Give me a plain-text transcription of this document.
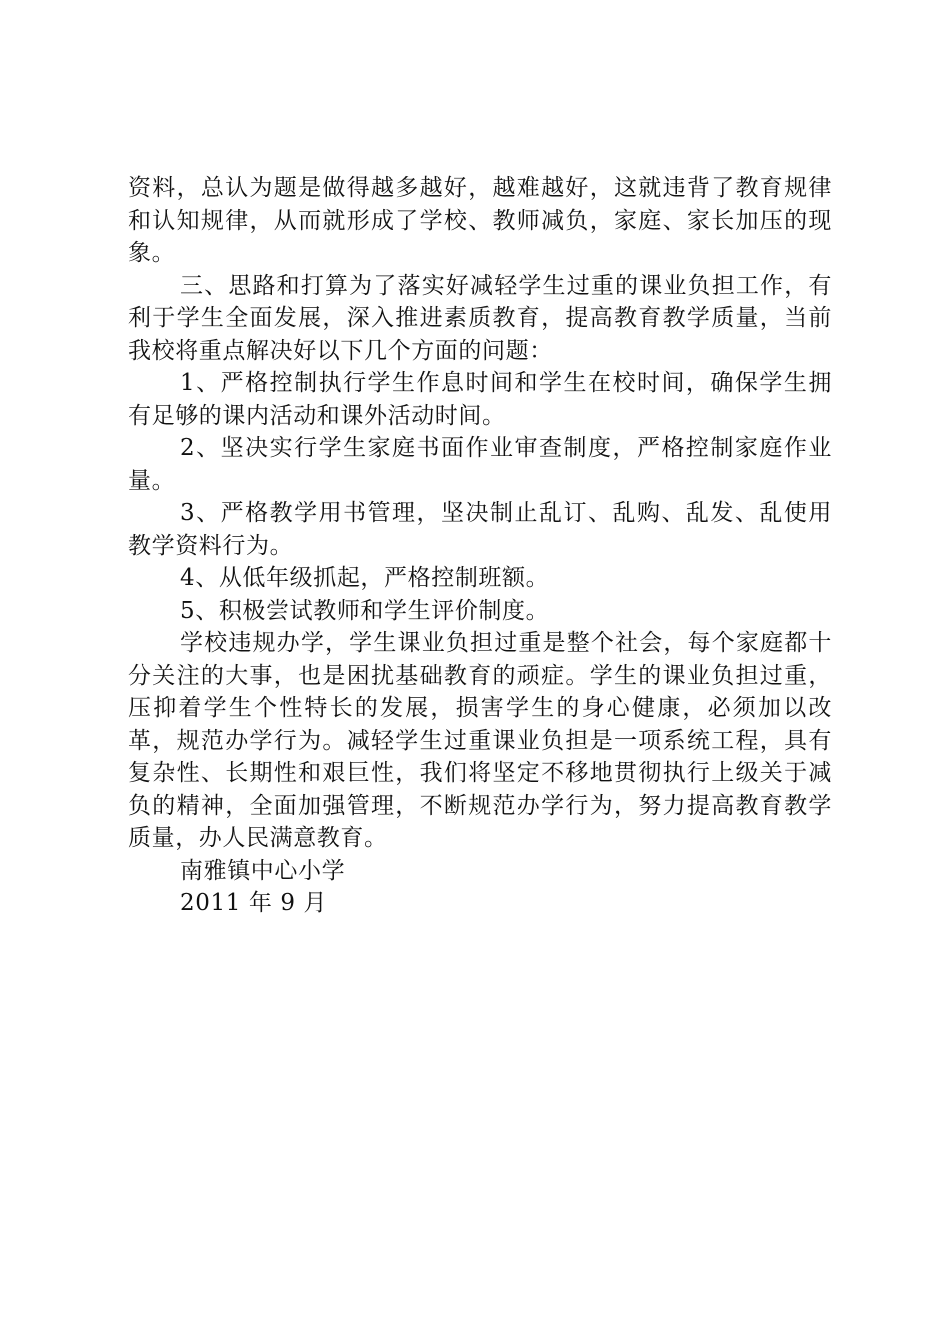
资料，总认为题是做得越多越好，越难越好，这就违背了教育规律和认知规律，从而就形成了学校、教师减负，家庭、家长加压的现象。

三、思路和打算为了落实好减轻学生过重的课业负担工作，有利于学生全面发展，深入推进素质教育，提高教育教学质量，当前我校将重点解决好以下几个方面的问题：

1、严格控制执行学生作息时间和学生在校时间，确保学生拥有足够的课内活动和课外活动时间。

2、坚决实行学生家庭书面作业审查制度，严格控制家庭作业量。

3、严格教学用书管理，坚决制止乱订、乱购、乱发、乱使用教学资料行为。

4、从低年级抓起，严格控制班额。

5、积极尝试教师和学生评价制度。

学校违规办学，学生课业负担过重是整个社会，每个家庭都十分关注的大事，也是困扰基础教育的顽症。学生的课业负担过重，压抑着学生个性特长的发展，损害学生的身心健康，必须加以改革，规范办学行为。减轻学生过重课业负担是一项系统工程，具有复杂性、长期性和艰巨性，我们将坚定不移地贯彻执行上级关于减负的精神，全面加强管理，不断规范办学行为，努力提高教育教学质量，办人民满意教育。

南雅镇中心小学

2011 年 9 月
